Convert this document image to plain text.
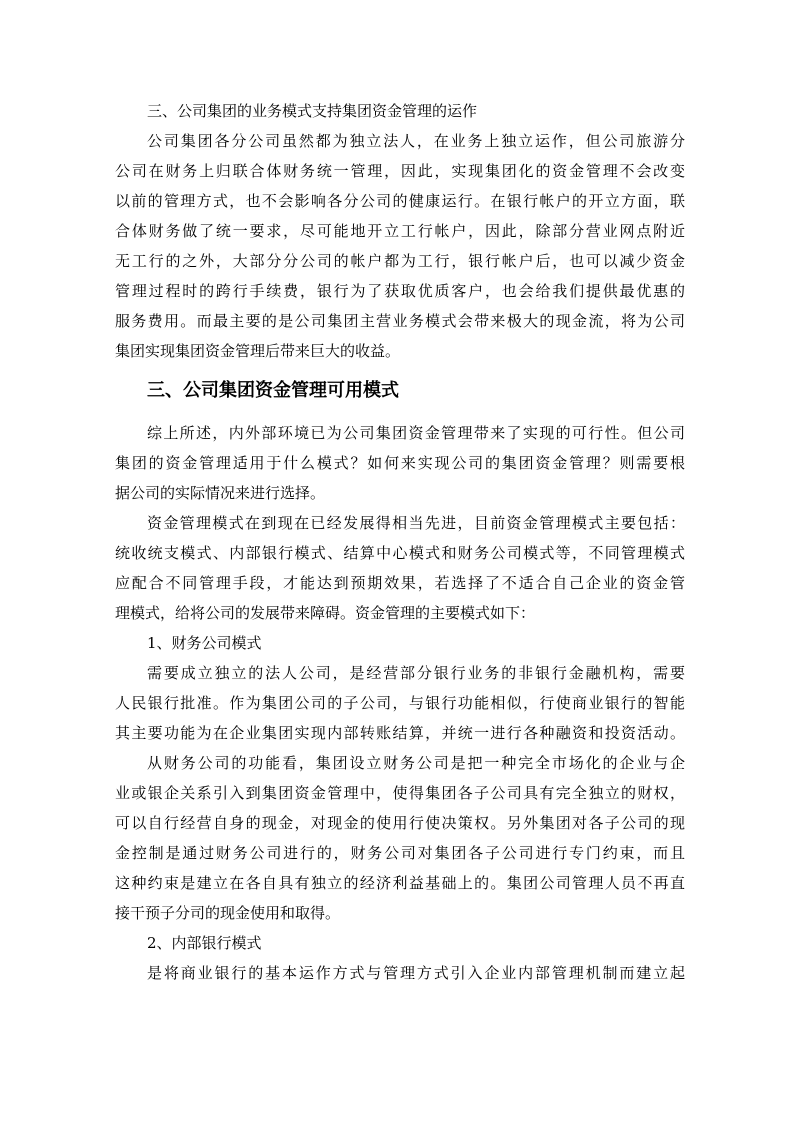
三、公司集团的业务模式支持集团资金管理的运作
公司集团各分公司虽然都为独立法人，在业务上独立运作，但公司旅游分
公司在财务上归联合体财务统一管理，因此，实现集团化的资金管理不会改变
以前的管理方式，也不会影响各分公司的健康运行。在银行帐户的开立方面，联
合体财务做了统一要求，尽可能地开立工行帐户，因此，除部分营业网点附近
无工行的之外，大部分分公司的帐户都为工行，银行帐户后，也可以减少资金
管理过程时的跨行手续费，银行为了获取优质客户，也会给我们提供最优惠的
服务费用。而最主要的是公司集团主营业务模式会带来极大的现金流，将为公司
集团实现集团资金管理后带来巨大的收益。
三、公司集团资金管理可用模式
综上所述，内外部环境已为公司集团资金管理带来了实现的可行性。但公司
集团的资金管理适用于什么模式？如何来实现公司的集团资金管理？则需要根
据公司的实际情况来进行选择。
资金管理模式在到现在已经发展得相当先进，目前资金管理模式主要包括：
统收统支模式、内部银行模式、结算中心模式和财务公司模式等，不同管理模式
应配合不同管理手段，才能达到预期效果，若选择了不适合自己企业的资金管
理模式，给将公司的发展带来障碍。资金管理的主要模式如下：
1、财务公司模式
需要成立独立的法人公司，是经营部分银行业务的非银行金融机构，需要
人民银行批准。作为集团公司的子公司，与银行功能相似，行使商业银行的智能
其主要功能为在企业集团实现内部转账结算，并统一进行各种融资和投资活动。
从财务公司的功能看，集团设立财务公司是把一种完全市场化的企业与企
业或银企关系引入到集团资金管理中，使得集团各子公司具有完全独立的财权，
可以自行经营自身的现金，对现金的使用行使决策权。另外集团对各子公司的现
金控制是通过财务公司进行的，财务公司对集团各子公司进行专门约束，而且
这种约束是建立在各自具有独立的经济利益基础上的。集团公司管理人员不再直
接干预子分司的现金使用和取得。
2、内部银行模式
是将商业银行的基本运作方式与管理方式引入企业内部管理机制而建立起
